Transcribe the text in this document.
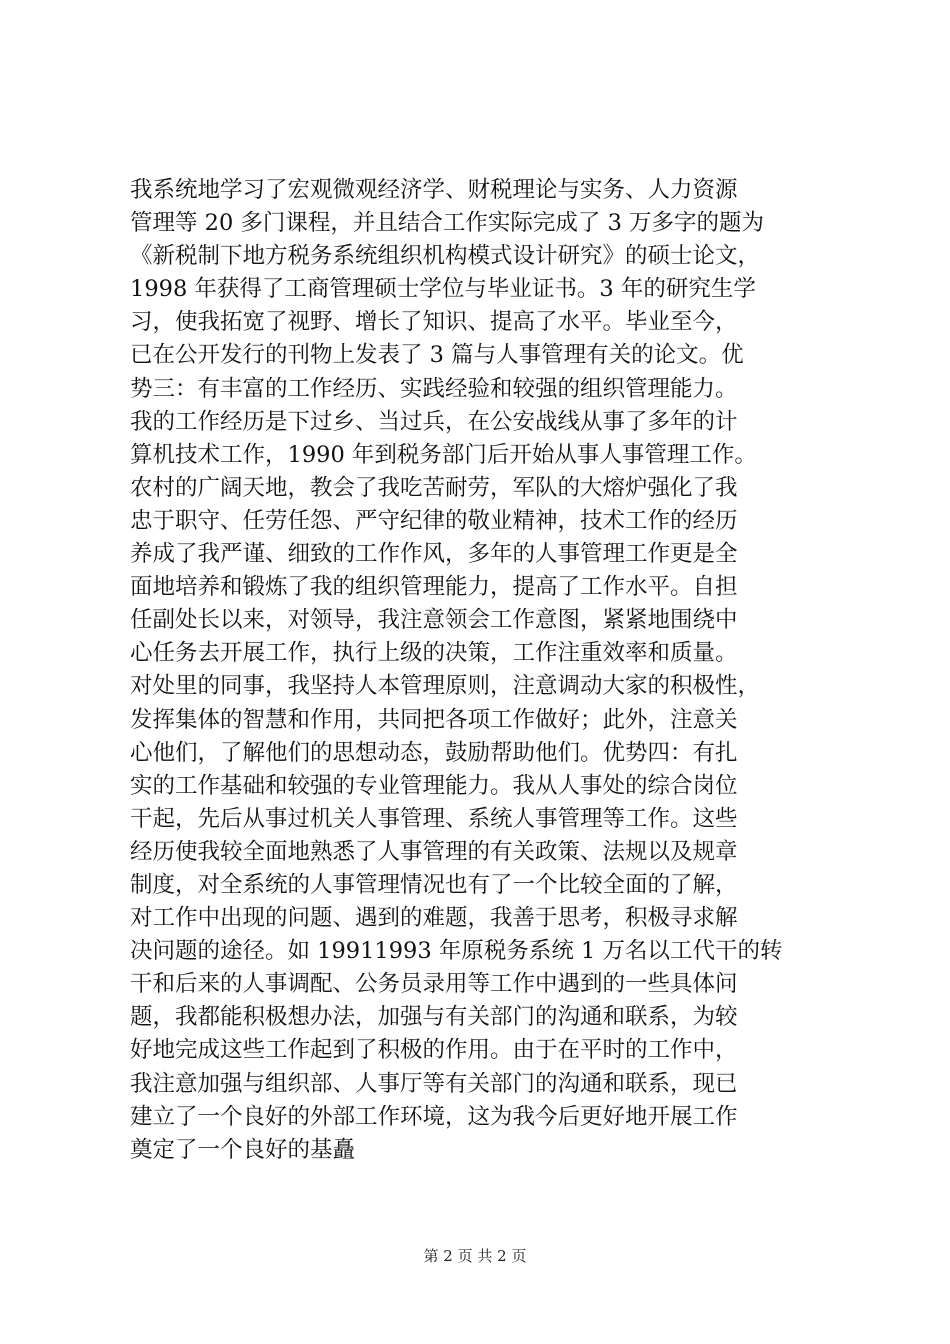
我系统地学习了宏观微观经济学、财税理论与实务、人力资源
管理等 20 多门课程，并且结合工作实际完成了 3 万多字的题为
《新税制下地方税务系统组织机构模式设计研究》的硕士论文，
1998 年获得了工商管理硕士学位与毕业证书。3 年的研究生学
习，使我拓宽了视野、增长了知识、提高了水平。毕业至今，
已在公开发行的刊物上发表了 3 篇与人事管理有关的论文。优
势三：有丰富的工作经历、实践经验和较强的组织管理能力。
我的工作经历是下过乡、当过兵，在公安战线从事了多年的计
算机技术工作，1990 年到税务部门后开始从事人事管理工作。
农村的广阔天地，教会了我吃苦耐劳，军队的大熔炉强化了我
忠于职守、任劳任怨、严守纪律的敬业精神，技术工作的经历
养成了我严谨、细致的工作作风，多年的人事管理工作更是全
面地培养和锻炼了我的组织管理能力，提高了工作水平。自担
任副处长以来，对领导，我注意领会工作意图，紧紧地围绕中
心任务去开展工作，执行上级的决策，工作注重效率和质量。
对处里的同事，我坚持人本管理原则，注意调动大家的积极性，
发挥集体的智慧和作用，共同把各项工作做好；此外，注意关
心他们，了解他们的思想动态，鼓励帮助他们。优势四：有扎
实的工作基础和较强的专业管理能力。我从人事处的综合岗位
干起，先后从事过机关人事管理、系统人事管理等工作。这些
经历使我较全面地熟悉了人事管理的有关政策、法规以及规章
制度，对全系统的人事管理情况也有了一个比较全面的了解，
对工作中出现的问题、遇到的难题，我善于思考，积极寻求解
决问题的途径。如 19911993 年原税务系统 1 万名以工代干的转
干和后来的人事调配、公务员录用等工作中遇到的一些具体问
题，我都能积极想办法，加强与有关部门的沟通和联系，为较
好地完成这些工作起到了积极的作用。由于在平时的工作中，
我注意加强与组织部、人事厅等有关部门的沟通和联系，现已
建立了一个良好的外部工作环境，这为我今后更好地开展工作
奠定了一个良好的基矗
第 2 页 共 2 页
